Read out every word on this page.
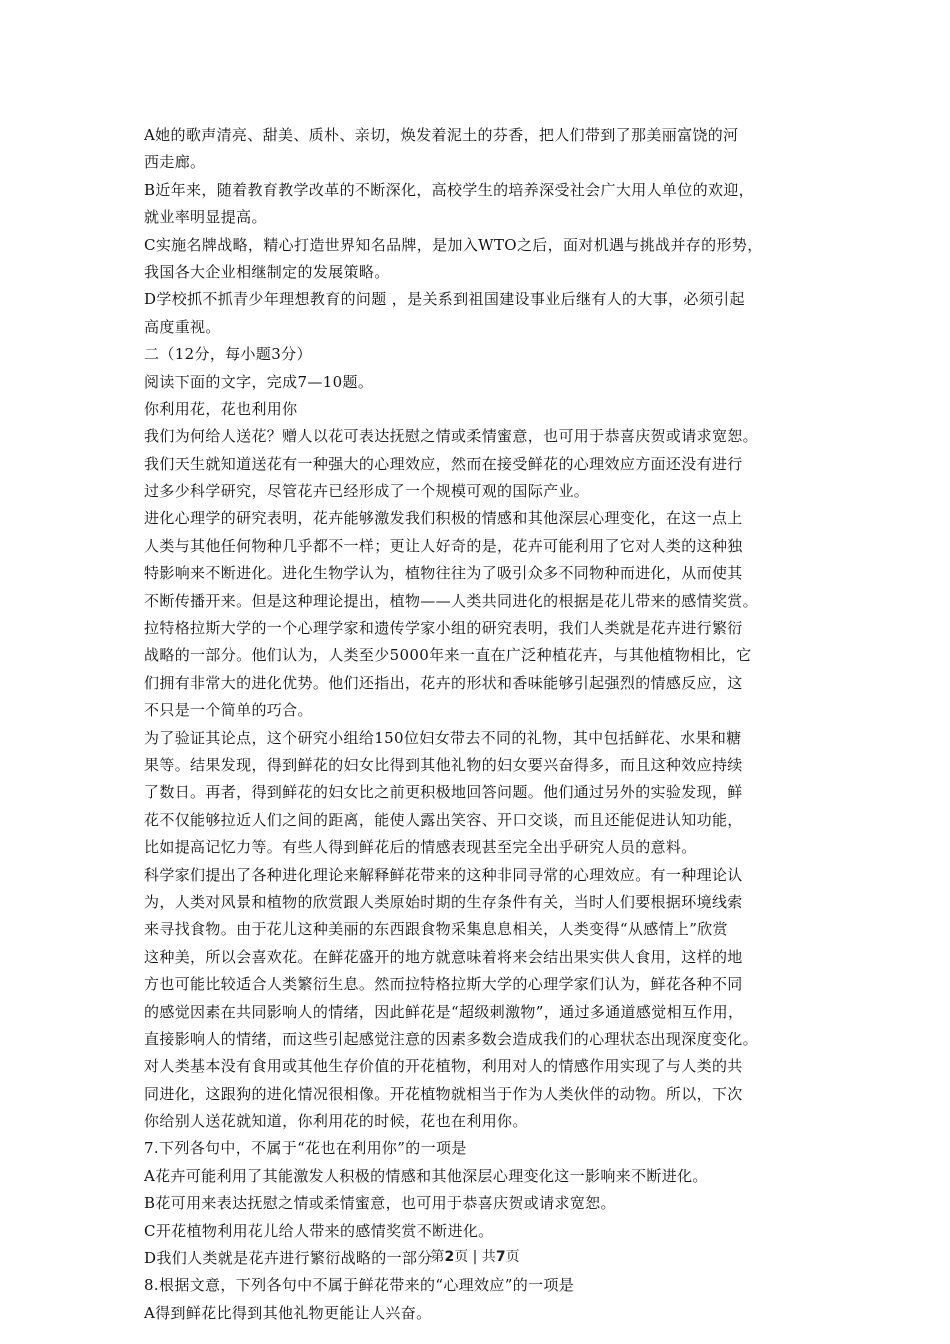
A她的歌声清亮、甜美、质朴、亲切，焕发着泥土的芬香，把人们带到了那美丽富饶的河
西走廊。
B近年来，随着教育教学改革的不断深化，高校学生的培养深受社会广大用人单位的欢迎，
就业率明显提高。
C实施名牌战略，精心打造世界知名品牌，是加入WTO之后，面对机遇与挑战并存的形势，
我国各大企业相继制定的发展策略。
D学校抓不抓青少年理想教育的问题 ，是关系到祖国建设事业后继有人的大事，必须引起
高度重视。
二（12分，每小题3分）
阅读下面的文字，完成7—10题。
你利用花，花也利用你
我们为何给人送花？赠人以花可表达抚慰之情或柔情蜜意，也可用于恭喜庆贺或请求宽恕。
我们天生就知道送花有一种强大的心理效应，然而在接受鲜花的心理效应方面还没有进行
过多少科学研究，尽管花卉已经形成了一个规模可观的国际产业。
进化心理学的研究表明，花卉能够激发我们积极的情感和其他深层心理变化，在这一点上
人类与其他任何物种几乎都不一样；更让人好奇的是，花卉可能利用了它对人类的这种独
特影响来不断进化。进化生物学认为，植物往往为了吸引众多不同物种而进化，从而使其
不断传播开来。但是这种理论提出，植物——人类共同进化的根据是花儿带来的感情奖赏。
拉特格拉斯大学的一个心理学家和遗传学家小组的研究表明，我们人类就是花卉进行繁衍
战略的一部分。他们认为，人类至少5000年来一直在广泛种植花卉，与其他植物相比，它
们拥有非常大的进化优势。他们还指出，花卉的形状和香味能够引起强烈的情感反应，这
不只是一个简单的巧合。
为了验证其论点，这个研究小组给150位妇女带去不同的礼物，其中包括鲜花、水果和糖
果等。结果发现，得到鲜花的妇女比得到其他礼物的妇女要兴奋得多，而且这种效应持续
了数日。再者，得到鲜花的妇女比之前更积极地回答问题。他们通过另外的实验发现，鲜
花不仅能够拉近人们之间的距离，能使人露出笑容、开口交谈，而且还能促进认知功能，
比如提高记忆力等。有些人得到鲜花后的情感表现甚至完全出乎研究人员的意料。
科学家们提出了各种进化理论来解释鲜花带来的这种非同寻常的心理效应。有一种理论认
为，人类对风景和植物的欣赏跟人类原始时期的生存条件有关，当时人们要根据环境线索
来寻找食物。由于花儿这种美丽的东西跟食物采集息息相关，人类变得“从感情上”欣赏
这种美，所以会喜欢花。在鲜花盛开的地方就意味着将来会结出果实供人食用，这样的地
方也可能比较适合人类繁衍生息。然而拉特格拉斯大学的心理学家们认为，鲜花各种不同
的感觉因素在共同影响人的情绪，因此鲜花是“超级刺激物”，通过多通道感觉相互作用，
直接影响人的情绪，而这些引起感觉注意的因素多数会造成我们的心理状态出现深度变化。
对人类基本没有食用或其他生存价值的开花植物，利用对人的情感作用实现了与人类的共
同进化，这跟狗的进化情况很相像。开花植物就相当于作为人类伙伴的动物。所以，下次
你给别人送花就知道，你利用花的时候，花也在利用你。
7.下列各句中，不属于“花也在利用你”的一项是
A花卉可能利用了其能激发人积极的情感和其他深层心理变化这一影响来不断进化。
B花可用来表达抚慰之情或柔情蜜意，也可用于恭喜庆贺或请求宽恕。
C开花植物利用花儿给人带来的感情奖赏不断进化。
D我们人类就是花卉进行繁衍战略的一部分
8.根据文意，下列各句中不属于鲜花带来的“心理效应”的一项是
A得到鲜花比得到其他礼物更能让人兴奋。
第2页 | 共7页
